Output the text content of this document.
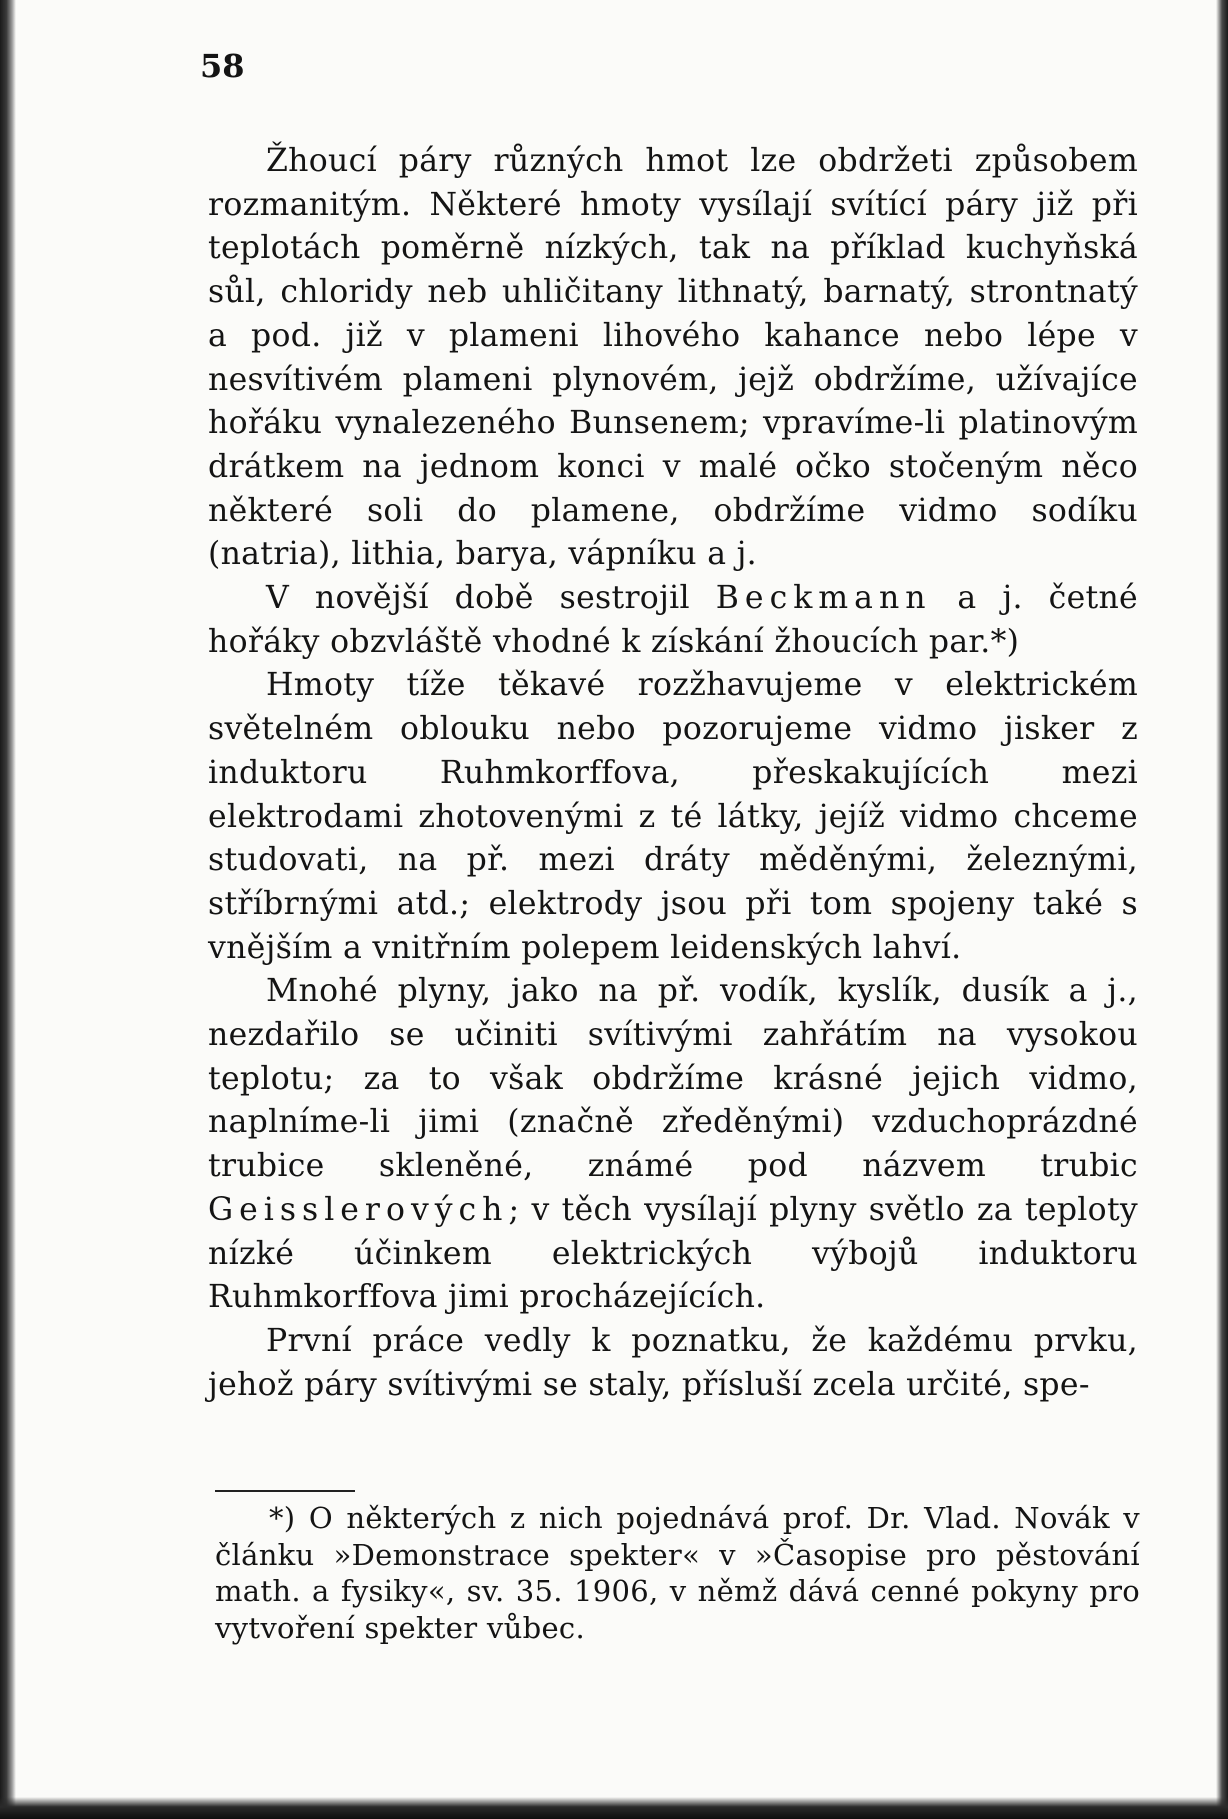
58

Žhoucí páry různých hmot lze obdržeti způsobem rozmanitým. Některé hmoty vysílají svítící páry již při teplotách poměrně nízkých, tak na příklad kuchyňská sůl, chloridy neb uhličitany lithnatý, barnatý, strontnatý a pod. již v plameni lihového kahance nebo lépe v nesvítivém plameni plynovém, jejž obdržíme, užívajíce hořáku vynalezeného Bunsenem; vpravíme-li platinovým drátkem na jednom konci v malé očko stočeným něco některé soli do plamene, obdržíme vidmo sodíku (natria), lithia, barya, vápníku a j.

V novější době sestrojil Beckmann a j. četné hořáky obzvláště vhodné k získání žhoucích par.*)

Hmoty tíže těkavé rozžhavujeme v elektrickém světelném oblouku nebo pozorujeme vidmo jisker z induktoru Ruhmkorffova, přeskakujících mezi elektrodami zhotovenými z té látky, jejíž vidmo chceme studovati, na př. mezi dráty měděnými, železnými, stříbrnými atd.; elektrody jsou při tom spojeny také s vnějším a vnitřním polepem leidenských lahví.

Mnohé plyny, jako na př. vodík, kyslík, dusík a j., nezdařilo se učiniti svítivými zahřátím na vysokou teplotu; za to však obdržíme krásné jejich vidmo, naplníme-li jimi (značně zředěnými) vzduchoprázdné trubice skleněné, známé pod názvem trubic Geisslerových; v těch vysílají plyny světlo za teploty nízké účinkem elektrických výbojů induktoru Ruhmkorffova jimi procházejících.

První práce vedly k poznatku, že každému prvku, jehož páry svítivými se staly, přísluší zcela určité, spe-

*) O některých z nich pojednává prof. Dr. Vlad. Novák v článku »Demonstrace spekter« v »Časopise pro pěstování math. a fysiky«, sv. 35. 1906, v němž dává cenné pokyny pro vytvoření spekter vůbec.
